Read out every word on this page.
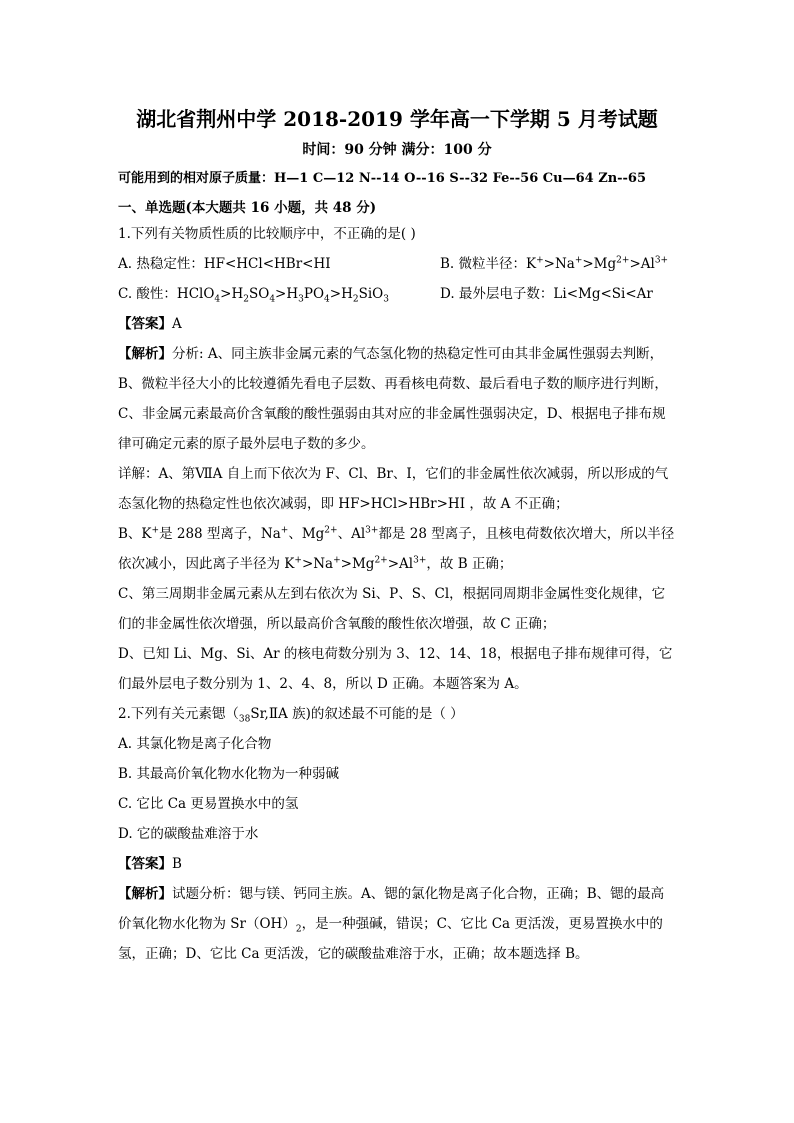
湖北省荆州中学 2018-2019 学年高一下学期 5 月考试题
时间：90 分钟 满分：100 分
可能用到的相对原子质量：H—1 C—12 N--14 O--16 S--32 Fe--56 Cu—64 Zn--65
一、单选题(本大题共 16 小题，共 48 分)
1.下列有关物质性质的比较顺序中，不正确的是( )
A. 热稳定性：HF<HCl<HBr<HI	B. 微粒半径：$K^+>Na^+>Mg^{2+}>Al^{3+}$
C. 酸性：$HClO_4>H_2SO_4>H_3PO_4>H_2SiO_3$	D. 最外层电子数：Li<Mg<Si<Ar
【答案】A
【解析】分析: A、同主族非金属元素的气态氢化物的热稳定性可由其非金属性强弱去判断，B、微粒半径大小的比较遵循先看电子层数、再看核电荷数、最后看电子数的顺序进行判断，C、非金属元素最高价含氧酸的酸性强弱由其对应的非金属性强弱决定，D、根据电子排布规律可确定元素的原子最外层电子数的多少。
详解：A、第ⅦA 自上而下依次为 F、Cl、Br、I，它们的非金属性依次减弱，所以形成的气态氢化物的热稳定性也依次减弱，即 HF>HCl>HBr>HI ，故 A 不正确；
B、K+是 288 型离子，Na+、$Mg^{2+}$、$Al^{3+}$都是 28 型离子，且核电荷数依次增大，所以半径依次减小，因此离子半径为 $K^+>Na^+>Mg^{2+}>Al^{3+}$，故 B 正确；
C、第三周期非金属元素从左到右依次为 Si、P、S、Cl，根据同周期非金属性变化规律，它们的非金属性依次增强，所以最高价含氧酸的酸性依次增强，故 C 正确；
D、已知 Li、Mg、Si、Ar 的核电荷数分别为 3、12、14、18，根据电子排布规律可得，它们最外层电子数分别为 1、2、4、8，所以 D 正确。本题答案为 A。
2.下列有关元素锶（$_{38}Sr,ⅡA$ 族)的叙述最不可能的是（ ）
A. 其氯化物是离子化合物
B. 其最高价氧化物水化物为一种弱碱
C. 它比 Ca 更易置换水中的氢
D. 它的碳酸盐难溶于水
【答案】B
【解析】试题分析：锶与镁、钙同主族。A、锶的氯化物是离子化合物，正确；B、锶的最高价氧化物水化物为 $Sr(OH)_2$，是一种强碱，错误；C、它比 Ca 更活泼，更易置换水中的氢，正确；D、它比 Ca 更活泼，它的碳酸盐难溶于水，正确；故本题选择 B。
